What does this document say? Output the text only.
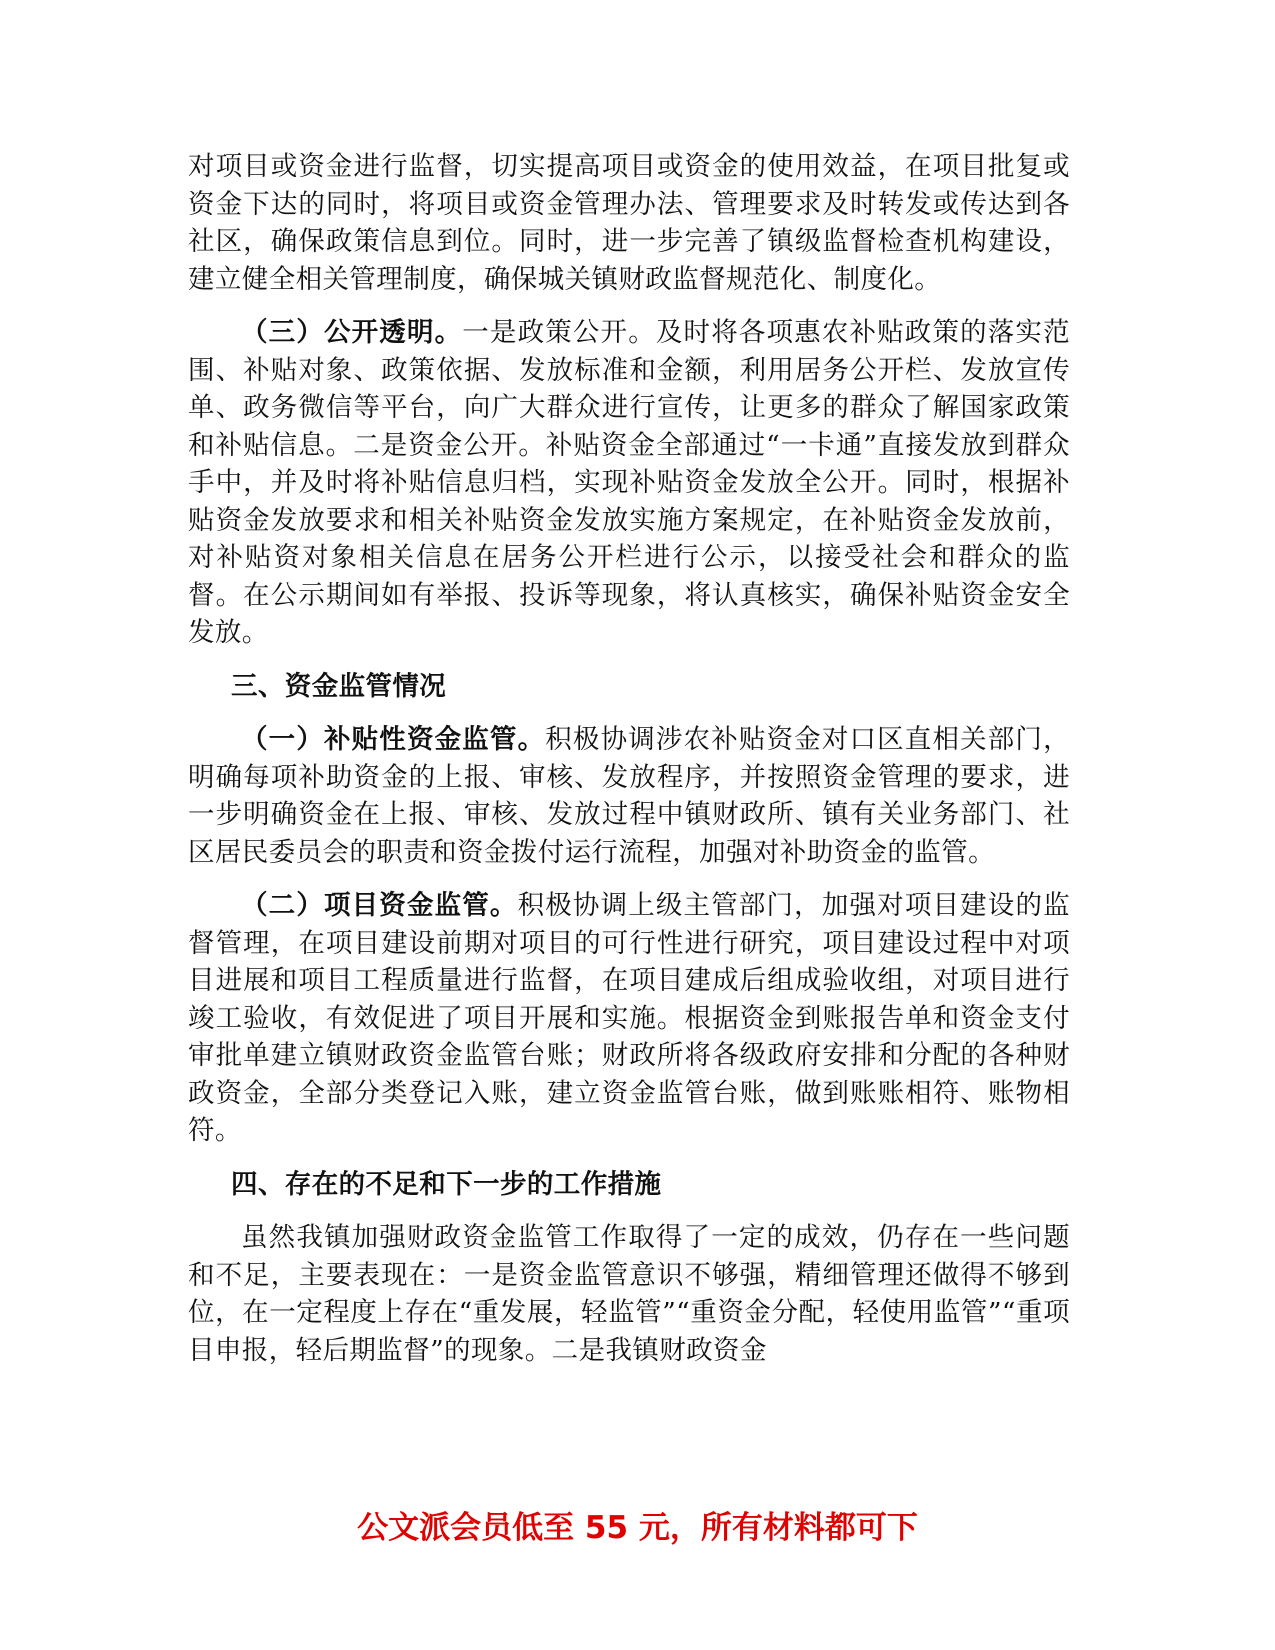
对项目或资金进行监督，切实提高项目或资金的使用效益，在项目批复或资金下达的同时，将项目或资金管理办法、管理要求及时转发或传达到各社区，确保政策信息到位。同时，进一步完善了镇级监督检查机构建设，建立健全相关管理制度，确保城关镇财政监督规范化、制度化。

（三）公开透明。一是政策公开。及时将各项惠农补贴政策的落实范围、补贴对象、政策依据、发放标准和金额，利用居务公开栏、发放宣传单、政务微信等平台，向广大群众进行宣传，让更多的群众了解国家政策和补贴信息。二是资金公开。补贴资金全部通过“一卡通”直接发放到群众手中，并及时将补贴信息归档，实现补贴资金发放全公开。同时，根据补贴资金发放要求和相关补贴资金发放实施方案规定，在补贴资金发放前，对补贴资对象相关信息在居务公开栏进行公示，以接受社会和群众的监督。在公示期间如有举报、投诉等现象，将认真核实，确保补贴资金安全发放。

三、资金监管情况

（一）补贴性资金监管。积极协调涉农补贴资金对口区直相关部门，明确每项补助资金的上报、审核、发放程序，并按照资金管理的要求，进一步明确资金在上报、审核、发放过程中镇财政所、镇有关业务部门、社区居民委员会的职责和资金拨付运行流程，加强对补助资金的监管。

（二）项目资金监管。积极协调上级主管部门，加强对项目建设的监督管理，在项目建设前期对项目的可行性进行研究，项目建设过程中对项目进展和项目工程质量进行监督，在项目建成后组成验收组，对项目进行竣工验收，有效促进了项目开展和实施。根据资金到账报告单和资金支付审批单建立镇财政资金监管台账；财政所将各级政府安排和分配的各种财政资金，全部分类登记入账，建立资金监管台账，做到账账相符、账物相符。

四、存在的不足和下一步的工作措施

虽然我镇加强财政资金监管工作取得了一定的成效，仍存在一些问题和不足，主要表现在：一是资金监管意识不够强，精细管理还做得不够到位，在一定程度上存在“重发展，轻监管”“重资金分配，轻使用监管”“重项目申报，轻后期监督”的现象。二是我镇财政资金

公文派会员低至 55 元，所有材料都可下
